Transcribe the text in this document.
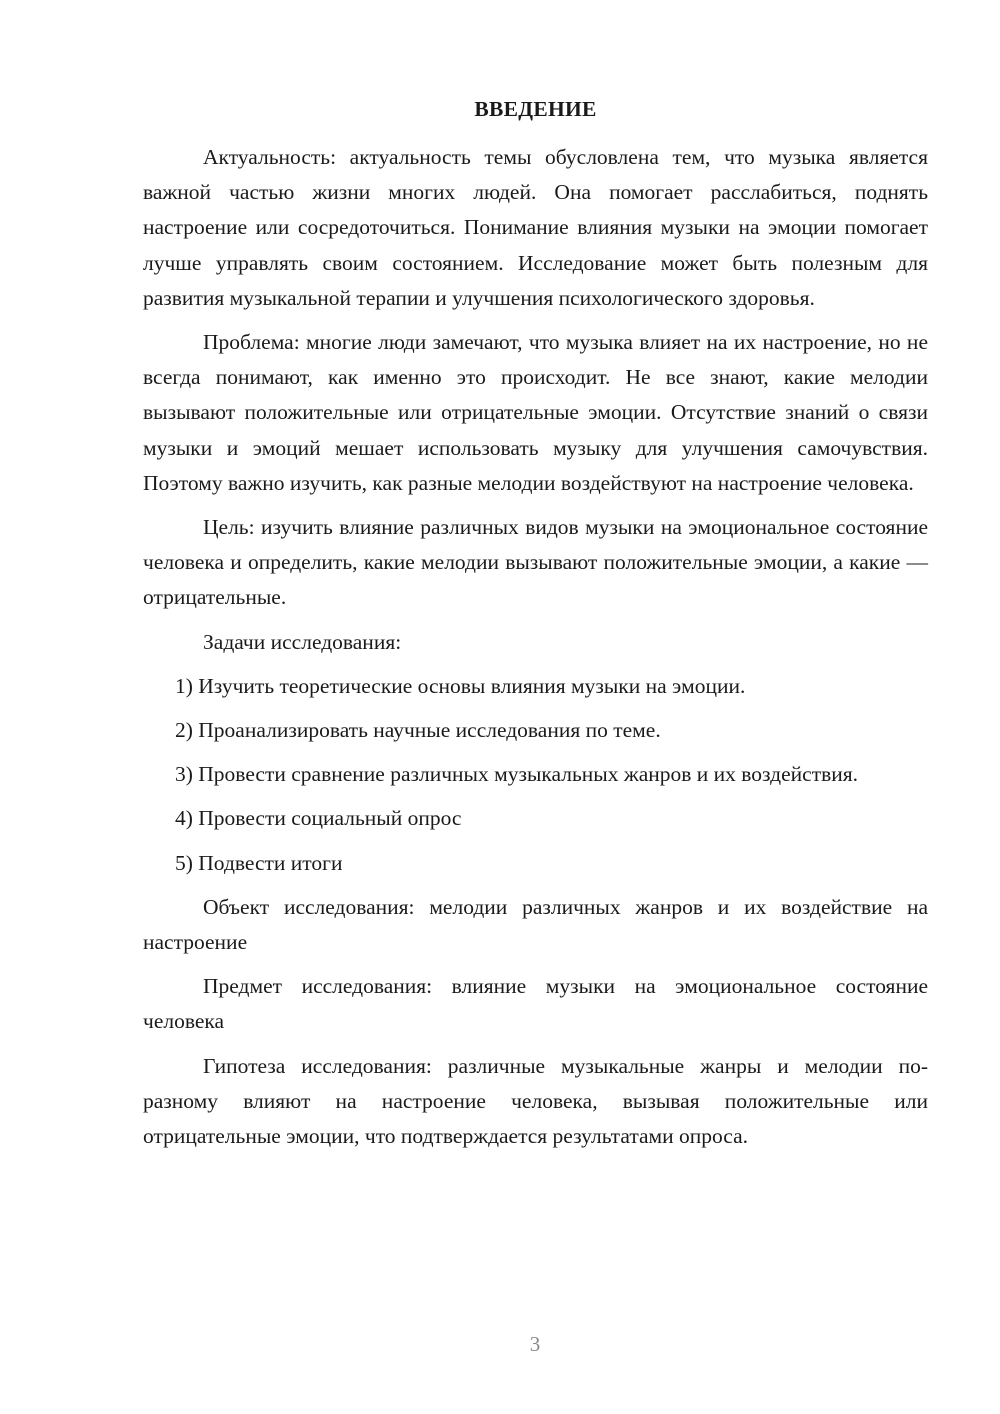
ВВЕДЕНИЕ

Актуальность: актуальность темы обусловлена тем, что музыка является важной частью жизни многих людей. Она помогает расслабиться, поднять настроение или сосредоточиться. Понимание влияния музыки на эмоции помогает лучше управлять своим состоянием. Исследование может быть полезным для развития музыкальной терапии и улучшения психологического здоровья.

Проблема: многие люди замечают, что музыка влияет на их настроение, но не всегда понимают, как именно это происходит. Не все знают, какие мелодии вызывают положительные или отрицательные эмоции. Отсутствие знаний о связи музыки и эмоций мешает использовать музыку для улучшения самочувствия. Поэтому важно изучить, как разные мелодии воздействуют на настроение человека.

Цель: изучить влияние различных видов музыки на эмоциональное состояние человека и определить, какие мелодии вызывают положительные эмоции, а какие — отрицательные.

Задачи исследования:

1) Изучить теоретические основы влияния музыки на эмоции.

2) Проанализировать научные исследования по теме.

3) Провести сравнение различных музыкальных жанров и их воздействия.

4) Провести социальный опрос

5) Подвести итоги

Объект исследования: мелодии различных жанров и их воздействие на настроение

Предмет исследования: влияние музыки на эмоциональное состояние человека

Гипотеза исследования: различные музыкальные жанры и мелодии по-разному влияют на настроение человека, вызывая положительные или отрицательные эмоции, что подтверждается результатами опроса.

3
